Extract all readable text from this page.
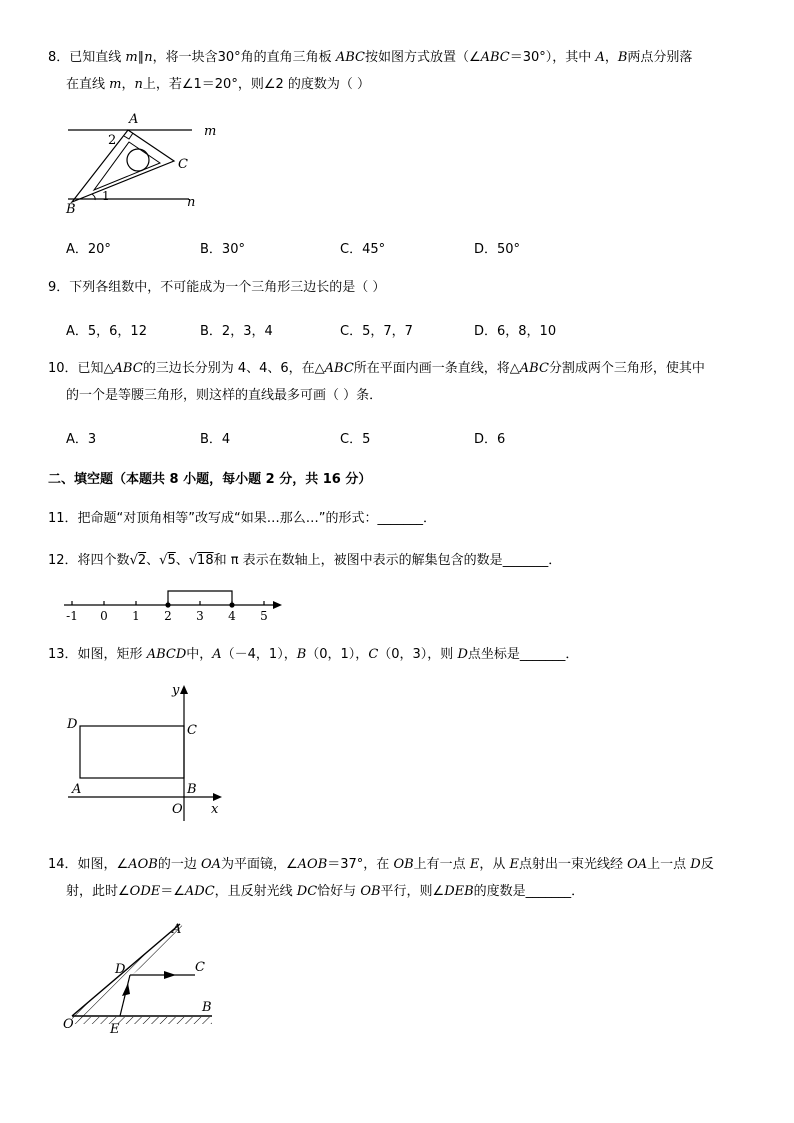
8．已知直线 m∥n，将一块含30°角的直角三角板 ABC按如图方式放置（∠ABC＝30°），其中 A，B两点分别落
在直线 m，n上，若∠1＝20°，则∠2 的度数为（ ）
A
B
C
m
n
2
1
A．20°	B．30°	C．45°	D．50°
9．下列各组数中，不可能成为一个三角形三边长的是（ ）
A．5，6，12	B．2，3，4	C．5，7，7	D．6，8，10
10．已知△ABC的三边长分别为 4、4、6，在△ABC所在平面内画一条直线，将△ABC分割成两个三角形，使其中
的一个是等腰三角形，则这样的直线最多可画（ ）条．
A．3	B．4	C．5	D．6
二、填空题（本题共 8 小题，每小题 2 分，共 16 分）
11．把命题“对顶角相等”改写成“如果…那么…”的形式：_______．
12．将四个数√2、√5、√18和 π 表示在数轴上，被图中表示的解集包含的数是_______．
-1 0 1 2 3 4 5
13．如图，矩形 ABCD中，A（－4，1），B（0，1），C（0，3），则 D点坐标是_______．
x
y
O
A	B
C
D
14．如图，∠AOB的一边 OA为平面镜，∠AOB＝37°，在 OB上有一点 E，从 E点射出一束光线经 OA上一点 D反
射，此时∠ODE＝∠ADC，且反射光线 DC恰好与 OB平行，则∠DEB的度数是_______．
A
B
C
D
E
O
